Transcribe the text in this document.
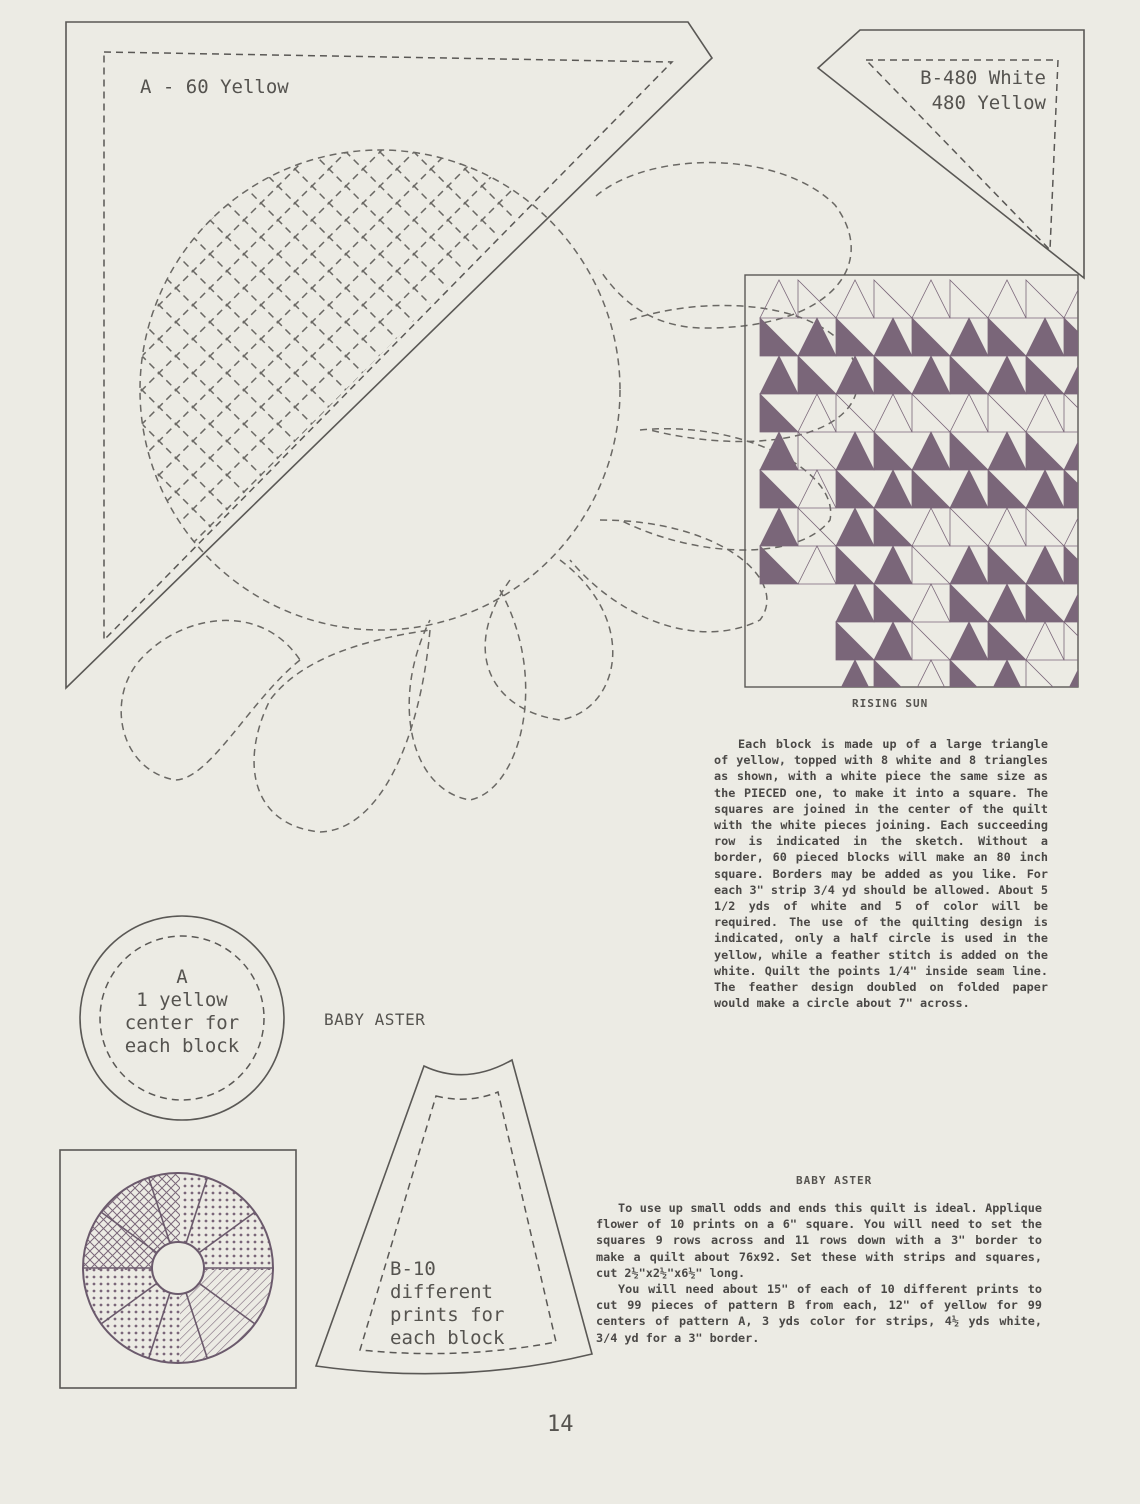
A - 60 Yellow	B-480 White
480 Yellow
A
1 yellow
center for
each block

BABY ASTER

B-10
different
prints for
each block

RISING SUN

Each block is made up of a large triangle of yellow, topped with 8 white and 8 triangles as shown, with a white piece the same size as the PIECED one, to make it into a square. The squares are joined in the center of the quilt with the white pieces joining. Each succeeding row is indicated in the sketch. Without a border, 60 pieced blocks will make an 80 inch square. Borders may be added as you like. For each 3" strip 3/4 yd should be allowed. About 5 1/2 yds of white and 5 of color will be required. The use of the quilting design is indicated, only a half circle is used in the yellow, while a feather stitch is added on the white. Quilt the points 1/4" inside seam line. The feather design doubled on folded paper would make a circle about 7" across.

BABY ASTER

To use up small odds and ends this quilt is ideal. Applique flower of 10 prints on a 6" square. You will need to set the squares 9 rows across and 11 rows down with a 3" border to make a quilt about 76x92. Set these with strips and squares, cut 2½"x2½"x6½" long.

You will need about 15" of each of 10 different prints to cut 99 pieces of pattern B from each, 12" of yellow for 99 centers of pattern A, 3 yds color for strips, 4½ yds white, 3/4 yd for a 3" border.

14
